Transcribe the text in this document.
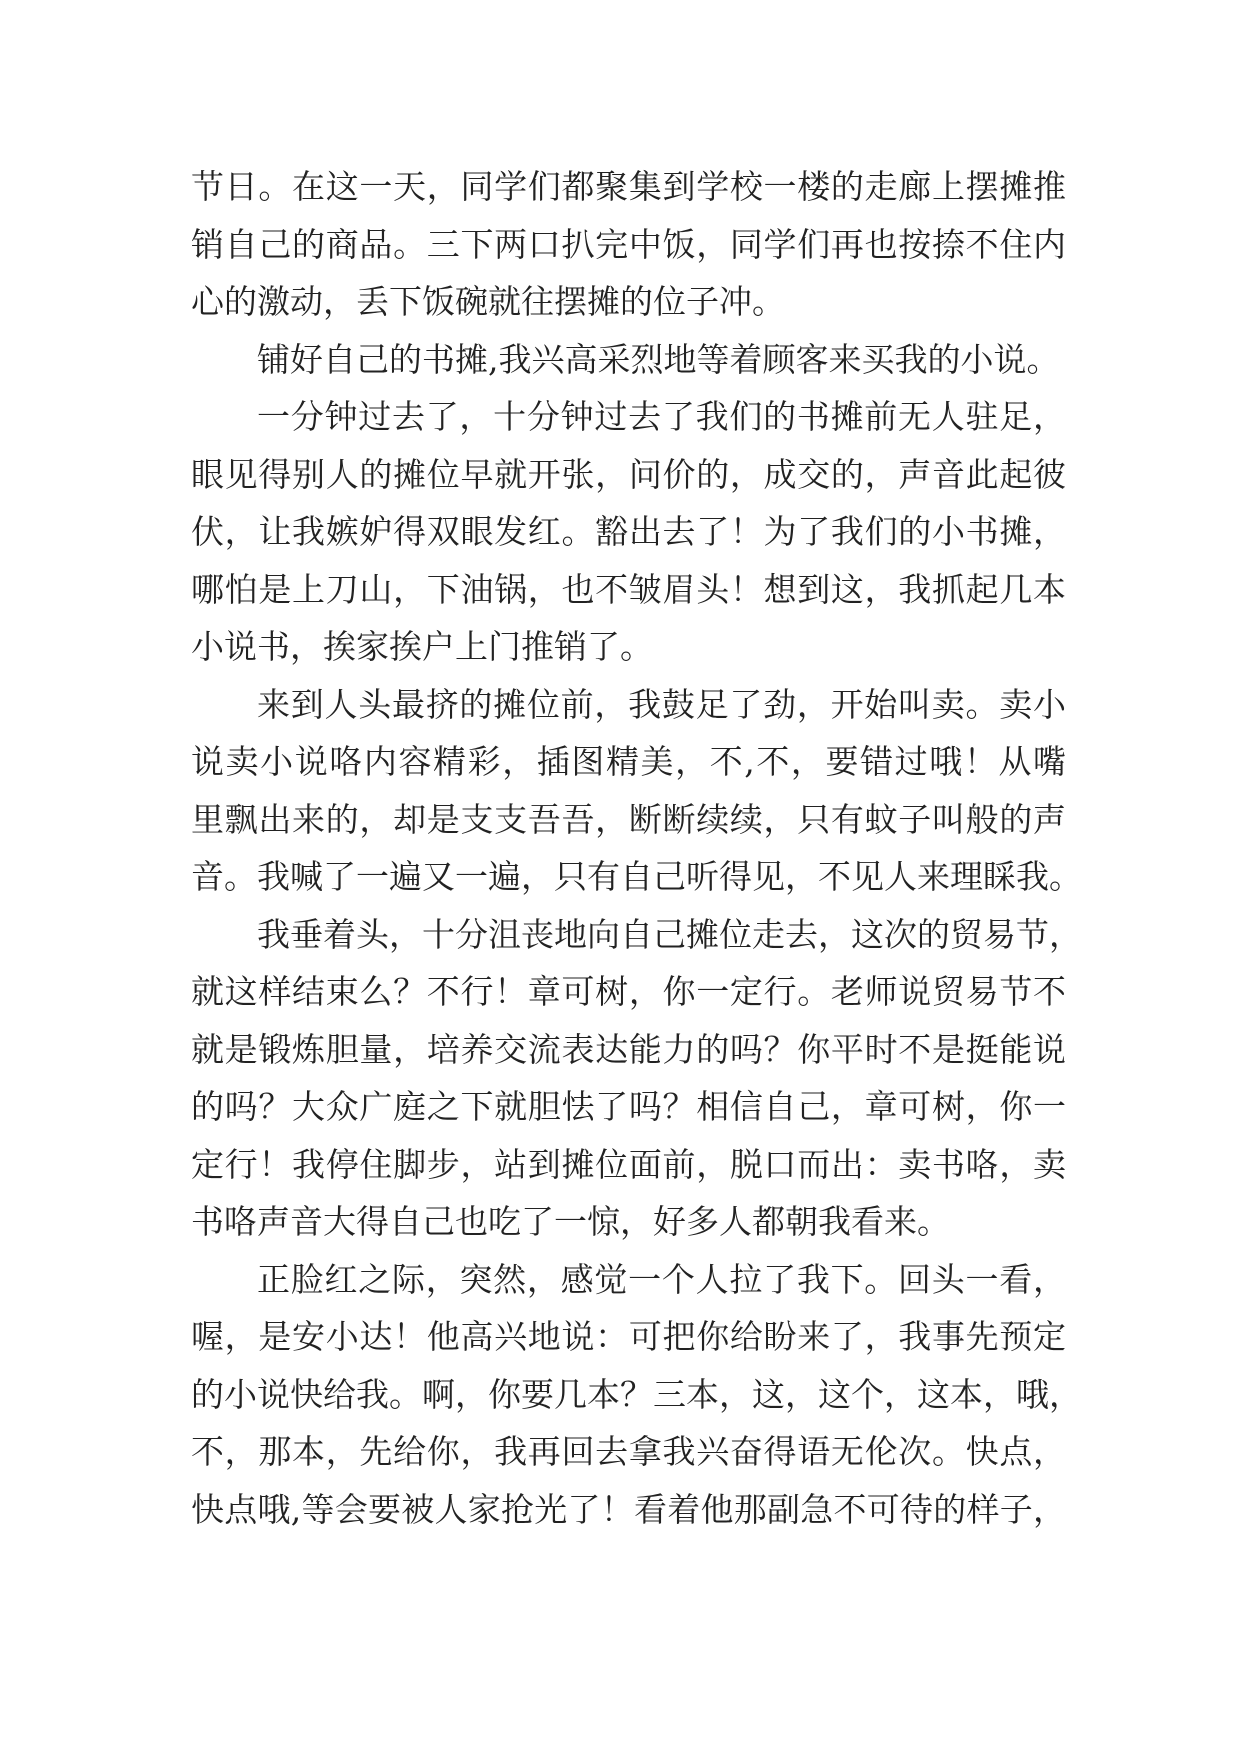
节日。在这一天，同学们都聚集到学校一楼的走廊上摆摊推
销自己的商品。三下两口扒完中饭，同学们再也按捺不住内
心的激动，丢下饭碗就往摆摊的位子冲。
铺好自己的书摊,我兴高采烈地等着顾客来买我的小说。
一分钟过去了，十分钟过去了我们的书摊前无人驻足，
眼见得别人的摊位早就开张，问价的，成交的，声音此起彼
伏，让我嫉妒得双眼发红。豁出去了！为了我们的小书摊，
哪怕是上刀山，下油锅，也不皱眉头！想到这，我抓起几本
小说书，挨家挨户上门推销了。
来到人头最挤的摊位前，我鼓足了劲，开始叫卖。卖小
说卖小说咯内容精彩，插图精美，不,不，要错过哦！从嘴
里飘出来的，却是支支吾吾，断断续续，只有蚊子叫般的声
音。我喊了一遍又一遍，只有自己听得见，不见人来理睬我。
我垂着头，十分沮丧地向自己摊位走去，这次的贸易节，
就这样结束么？不行！章可树，你一定行。老师说贸易节不
就是锻炼胆量，培养交流表达能力的吗？你平时不是挺能说
的吗？大众广庭之下就胆怯了吗？相信自己，章可树，你一
定行！我停住脚步，站到摊位面前，脱口而出：卖书咯，卖
书咯声音大得自己也吃了一惊，好多人都朝我看来。
正脸红之际，突然，感觉一个人拉了我下。回头一看，
喔，是安小达！他高兴地说：可把你给盼来了，我事先预定
的小说快给我。啊，你要几本？三本，这，这个，这本，哦，
不，那本，先给你，我再回去拿我兴奋得语无伦次。快点，
快点哦,等会要被人家抢光了！看着他那副急不可待的样子，
